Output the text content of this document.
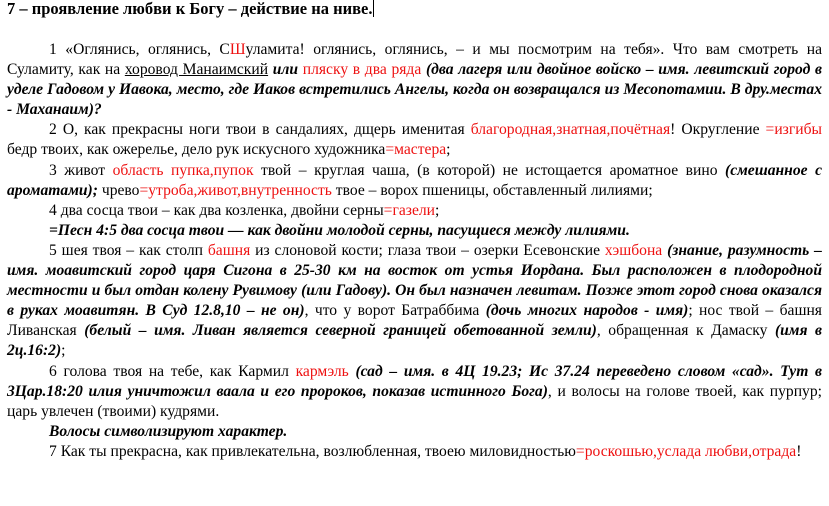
7 – проявление любви к Богу – действие на ниве.

1 «Оглянись, оглянись, СШуламита! оглянись, оглянись, – и мы посмотрим на тебя». Что вам смотреть на Суламиту, как на хоровод Манаимский или пляску в два ряда (два лагеря или двойное войско – имя. левитский город в уделе Гадовом у Иавока, место, где Иаков встретились Ангелы, когда он возвращался из Месопотамии. В дру.местах - Маханаим)?

2 О, как прекрасны ноги твои в сандалиях, дщерь именитая благородная,знатная,почётная! Округление =изгибы бедр твоих, как ожерелье, дело рук искусного художника=мастера;

3 живот область пупка,пупок твой – круглая чаша, (в которой) не истощается ароматное вино (смешанное с ароматами); чрево=утроба,живот,внутренность твое – ворох пшеницы, обставленный лилиями;

4 два сосца твои – как два козленка, двойни серны=газели;

=Песн 4:5 два сосца твои — как двойни молодой серны, пасущиеся между лилиями.

5 шея твоя – как столп башня из слоновой кости; глаза твои – озерки Есевонские хэшбона (знание, разумность – имя. моавитский город царя Сигона в 25-30 км на восток от устья Иордана. Был расположен в плодородной местности и был отдан колену Рувимову (или Гадову). Он был назначен левитам. Позже этот город снова оказался в руках моавитян. В Суд 12.8,10 – не он), что у ворот Батраббима (дочь многих народов - имя); нос твой – башня Ливанская (белый – имя. Ливан является северной границей обетованной земли), обращенная к Дамаску (имя в 2ц.16:2);

6 голова твоя на тебе, как Кармил кармэль (сад – имя. в 4Ц 19.23; Ис 37.24 переведено словом «сад». Тут в 3Цар.18:20 илия уничтожил ваала и его пророков, показав истинного Бога), и волосы на голове твоей, как пурпур; царь увлечен (твоими) кудрями.

Волосы символизируют характер.

7 Как ты прекрасна, как привлекательна, возлюбленная, твоею миловидностью=роскошью,услада любви,отрада!
